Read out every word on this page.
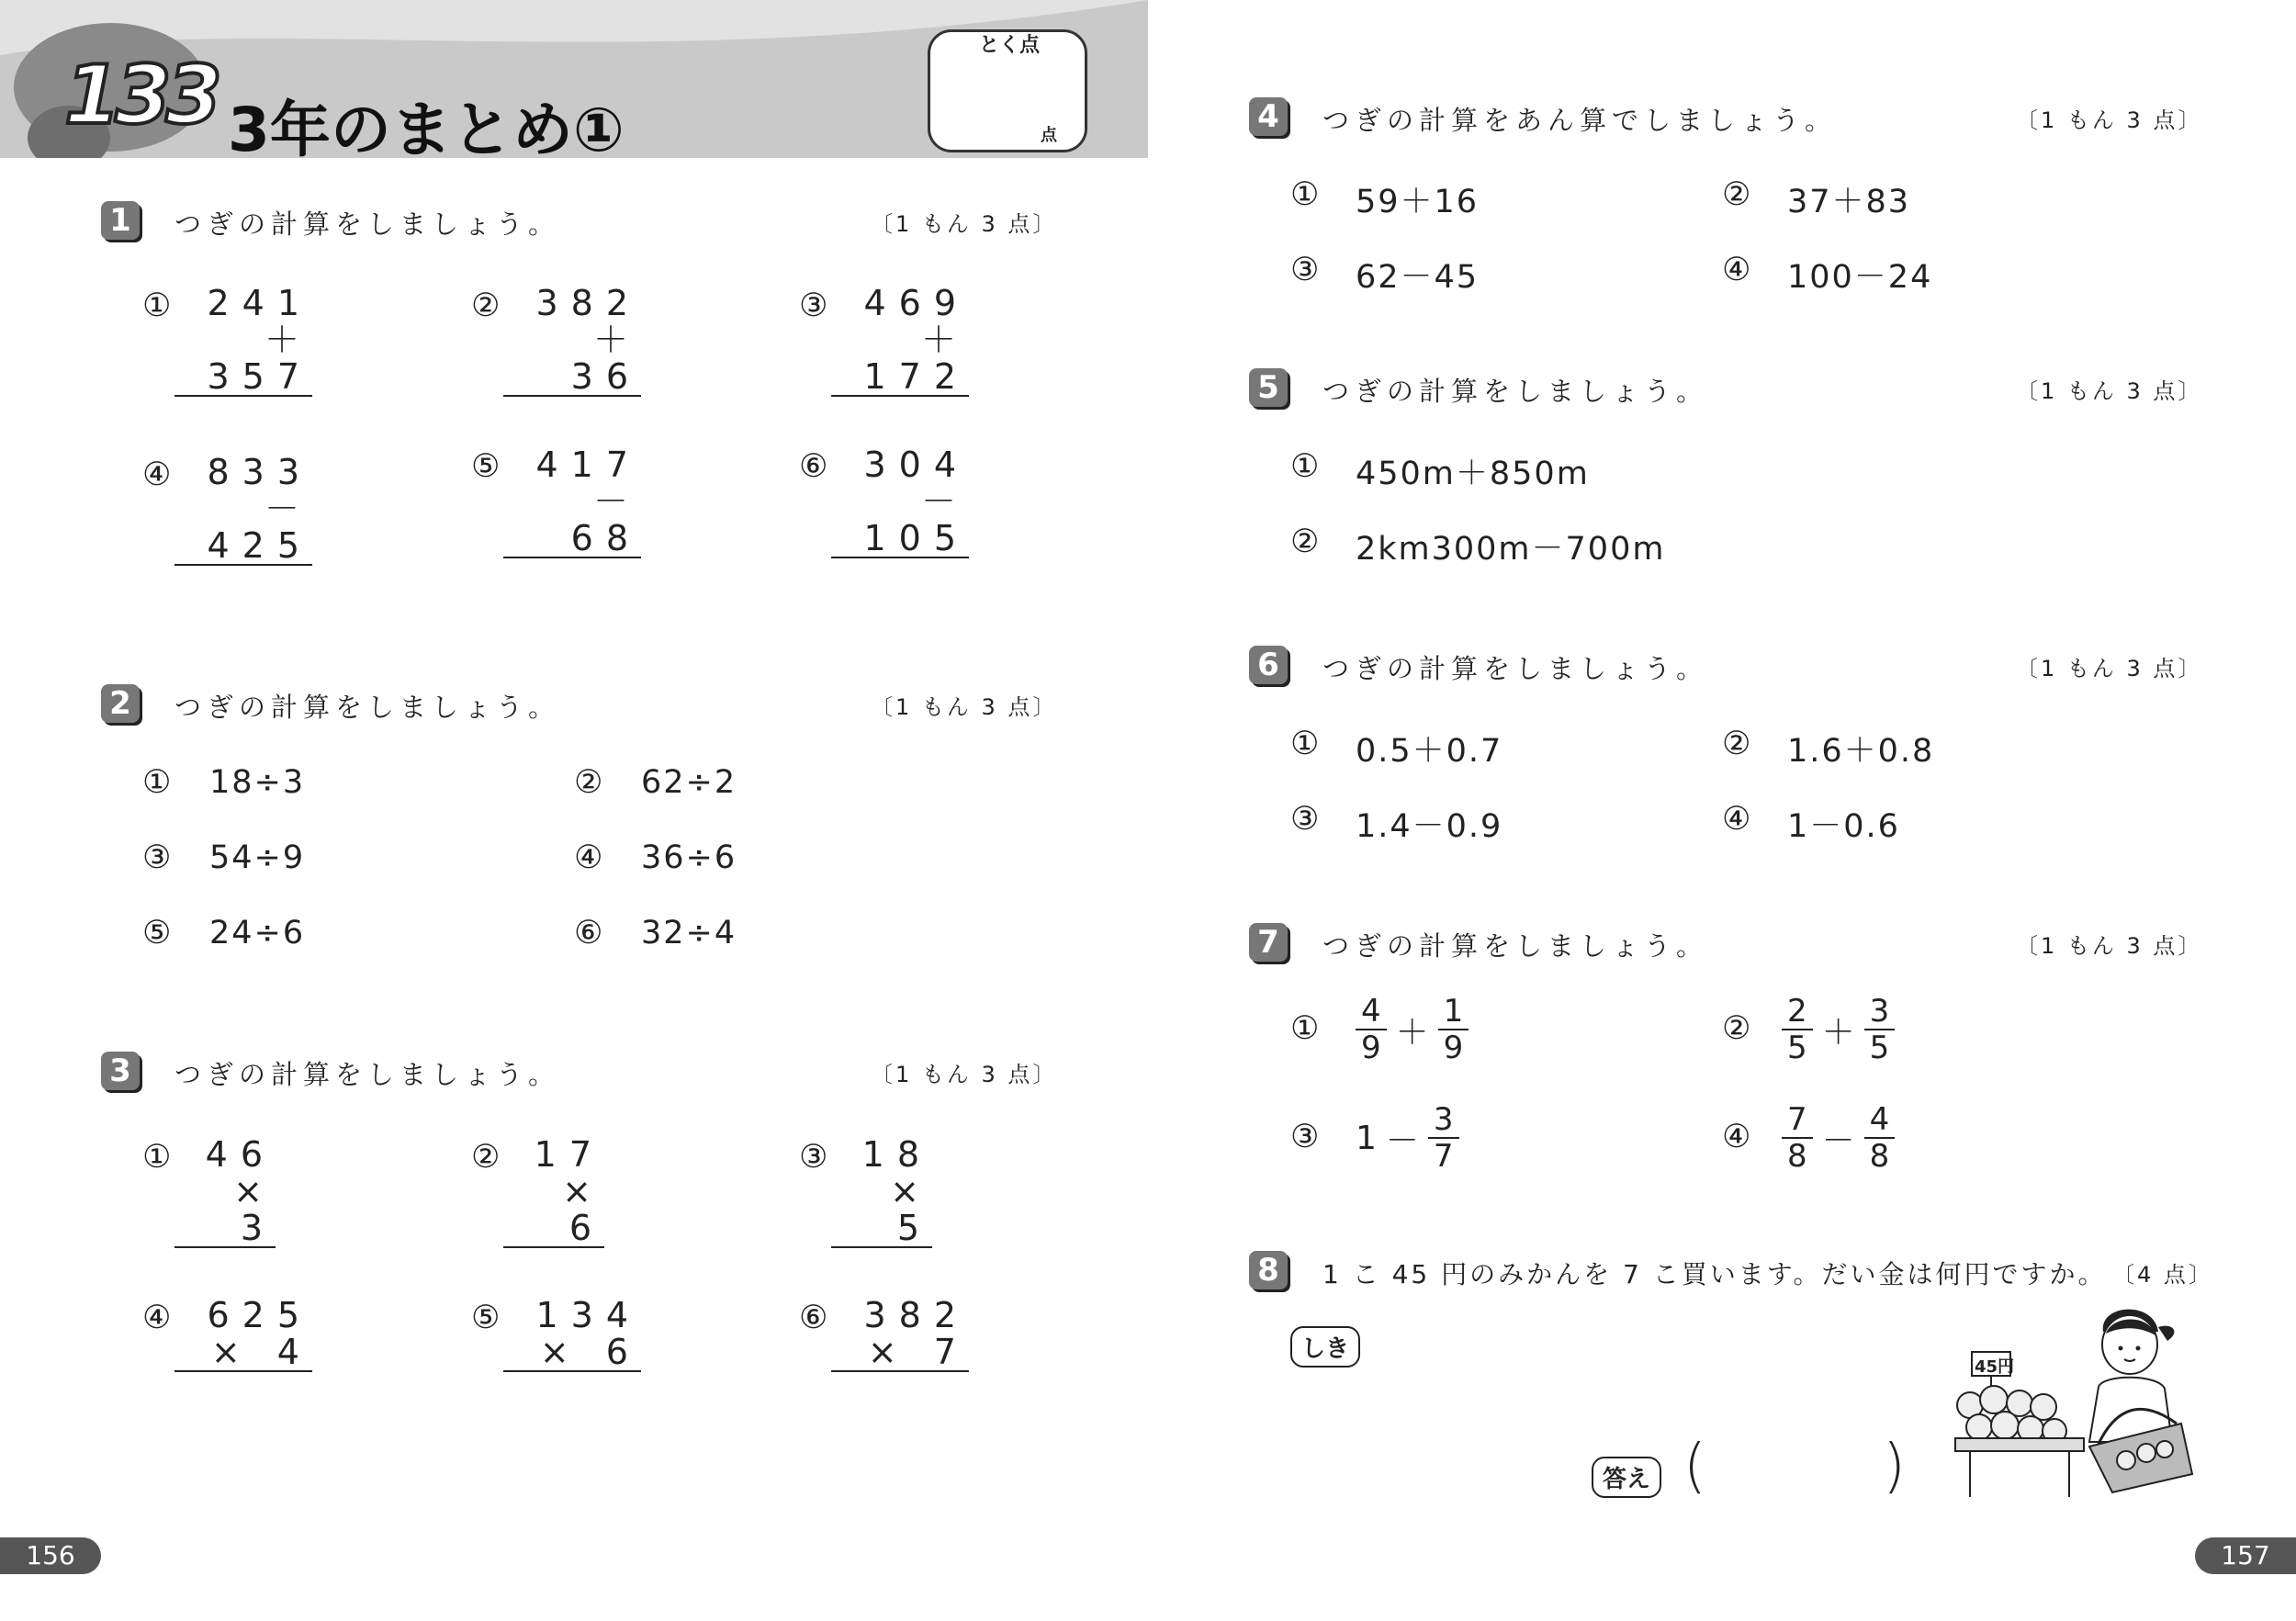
133 3年のまとめ①
とく点
点
1	つぎの計算をしましょう。	〔1 もん 3 点〕
① 241
＋357
② 382
＋ 36
③ 469
＋172
④ 833
－425
⑤ 417
－ 68
⑥ 304
－105
2	つぎの計算をしましょう。	〔1 もん 3 点〕
① 18÷3	② 62÷2
③ 54÷9	④ 36÷6
⑤ 24÷6	⑥ 32÷4
3	つぎの計算をしましょう。	〔1 もん 3 点〕
① 46
× 3
② 17
× 6
③ 18
× 5
④ 625
× 4
⑤ 134
× 6
⑥ 382
× 7
156
4	つぎの計算をあん算でしましょう。	〔1 もん 3 点〕
① 59＋16	② 37＋83
③ 62－45	④ 100－24
5	つぎの計算をしましょう。	〔1 もん 3 点〕
① 450m＋850m
② 2km300m－700m
6	つぎの計算をしましょう。	〔1 もん 3 点〕
① 0.5＋0.7	② 1.6＋0.8
③ 1.4－0.9	④ 1－0.6
7	つぎの計算をしましょう。	〔1 もん 3 点〕
① $\frac{4}{9} + \frac{1}{9}$	② $\frac{2}{5} + \frac{3}{5}$
③ $1 - \frac{3}{7}$	④ $\frac{7}{8} - \frac{4}{8}$
8	1 こ 45 円のみかんを 7 こ買います。だい金は何円ですか。 〔4 点〕
しき
答え (	)
45円
157
